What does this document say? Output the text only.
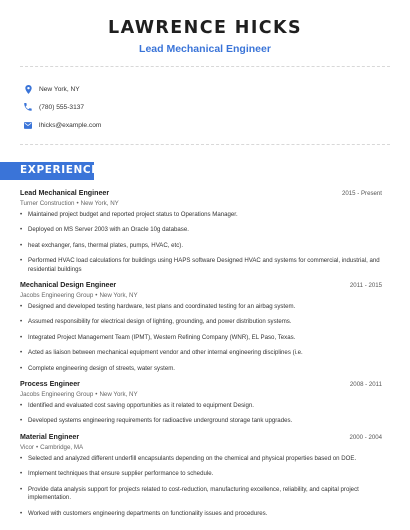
LAWRENCE HICKS
Lead Mechanical Engineer
New York, NY
(780) 555-3137
lhicks@example.com
EXPERIENCE
Lead Mechanical Engineer	2015 - Present
Turner Construction • New York, NY
• Maintained project budget and reported project status to Operations Manager.
• Deployed on MS Server 2003 with an Oracle 10g database.
• heat exchanger, fans, thermal plates, pumps, HVAC, etc).
• Performed HVAC load calculations for buildings using HAPS software Designed HVAC and systems for commercial, industrial, and residential buildings
Mechanical Design Engineer	2011 - 2015
Jacobs Engineering Group • New York, NY
• Designed and developed testing hardware, test plans and coordinated testing for an airbag system.
• Assumed responsibility for electrical design of lighting, grounding, and power distribution systems.
• Integrated Project Management Team (IPMT), Western Refining Company (WNR), EL Paso, Texas.
• Acted as liaison between mechanical equipment vendor and other internal engineering disciplines (i.e.
• Complete engineering design of streets, water system.
Process Engineer	2008 - 2011
Jacobs Engineering Group • New York, NY
• Identified and evaluated cost saving opportunities as it related to equipment Design.
• Developed systems engineering requirements for radioactive underground storage tank upgrades.
Material Engineer	2000 - 2004
Vicor • Cambridge, MA
• Selected and analyzed different underfill encapsulants depending on the chemical and physical properties based on DOE.
• Implement techniques that ensure supplier performance to schedule.
• Provide data analysis support for projects related to cost-reduction, manufacturing excellence, reliability, and capital project implementation.
• Worked with customers engineering departments on functionality issues and procedures.
